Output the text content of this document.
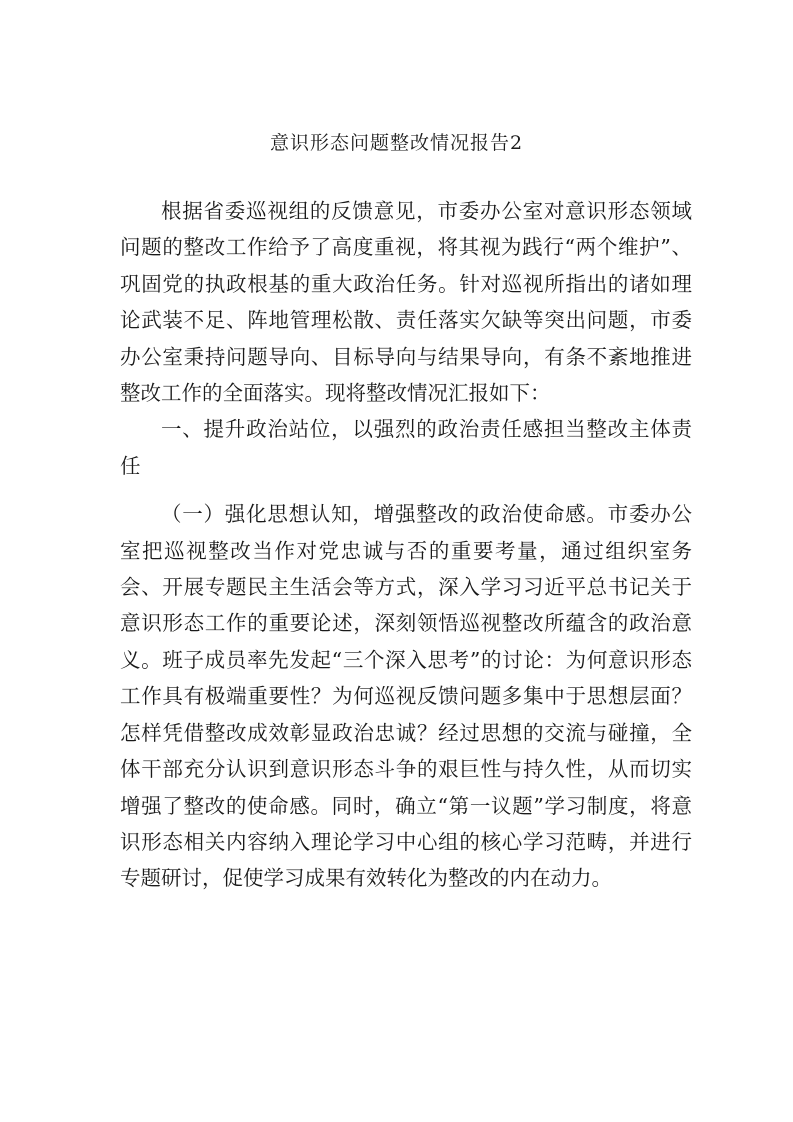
意识形态问题整改情况报告2

根据省委巡视组的反馈意见，市委办公室对意识形态领域问题的整改工作给予了高度重视，将其视为践行“两个维护”、巩固党的执政根基的重大政治任务。针对巡视所指出的诸如理论武装不足、阵地管理松散、责任落实欠缺等突出问题，市委办公室秉持问题导向、目标导向与结果导向，有条不紊地推进整改工作的全面落实。现将整改情况汇报如下：

一、提升政治站位，以强烈的政治责任感担当整改主体责任

（一）强化思想认知，增强整改的政治使命感。市委办公室把巡视整改当作对党忠诚与否的重要考量，通过组织室务会、开展专题民主生活会等方式，深入学习习近平总书记关于意识形态工作的重要论述，深刻领悟巡视整改所蕴含的政治意义。班子成员率先发起“三个深入思考”的讨论：为何意识形态工作具有极端重要性？为何巡视反馈问题多集中于思想层面？怎样凭借整改成效彰显政治忠诚？经过思想的交流与碰撞，全体干部充分认识到意识形态斗争的艰巨性与持久性，从而切实增强了整改的使命感。同时，确立“第一议题”学习制度，将意识形态相关内容纳入理论学习中心组的核心学习范畴，并进行专题研讨，促使学习成果有效转化为整改的内在动力。
